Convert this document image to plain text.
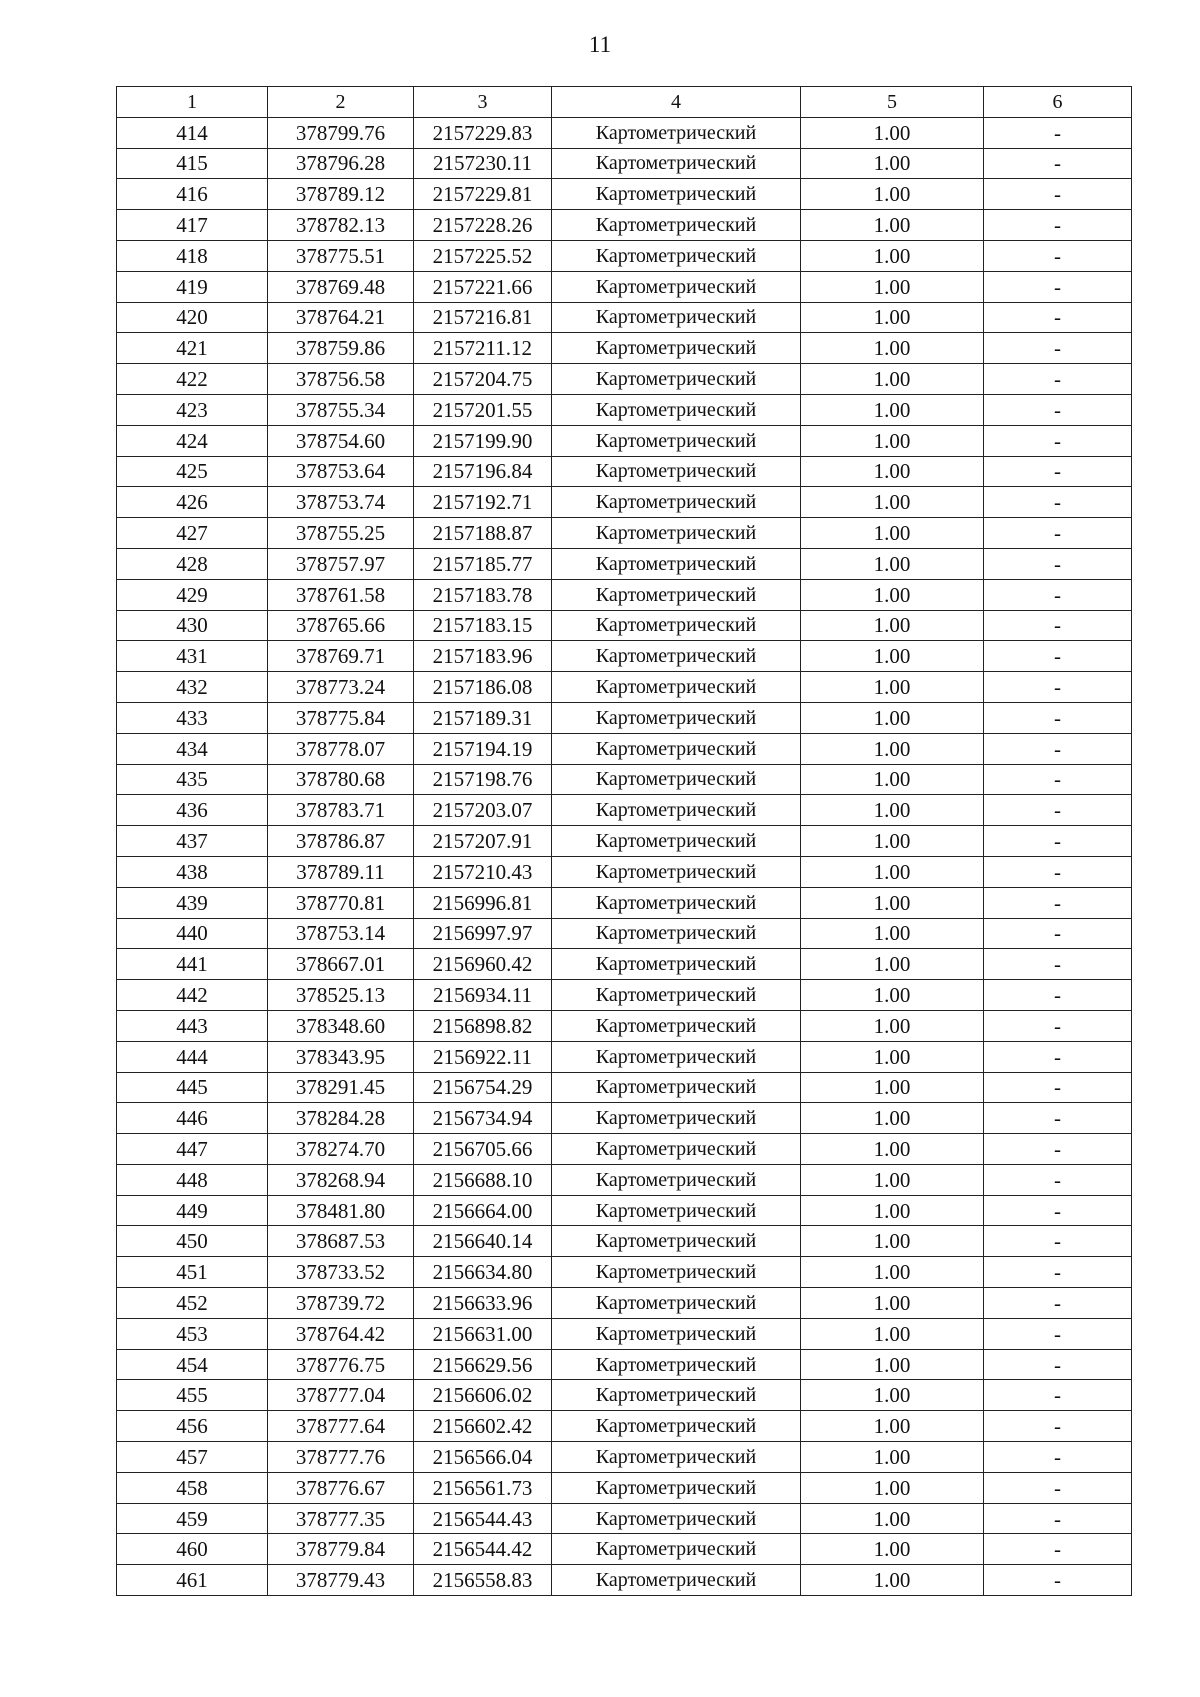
11
1	2	3	4	5	6
414	378799.76	2157229.83	Картометрический	1.00	-
415	378796.28	2157230.11	Картометрический	1.00	-
416	378789.12	2157229.81	Картометрический	1.00	-
417	378782.13	2157228.26	Картометрический	1.00	-
418	378775.51	2157225.52	Картометрический	1.00	-
419	378769.48	2157221.66	Картометрический	1.00	-
420	378764.21	2157216.81	Картометрический	1.00	-
421	378759.86	2157211.12	Картометрический	1.00	-
422	378756.58	2157204.75	Картометрический	1.00	-
423	378755.34	2157201.55	Картометрический	1.00	-
424	378754.60	2157199.90	Картометрический	1.00	-
425	378753.64	2157196.84	Картометрический	1.00	-
426	378753.74	2157192.71	Картометрический	1.00	-
427	378755.25	2157188.87	Картометрический	1.00	-
428	378757.97	2157185.77	Картометрический	1.00	-
429	378761.58	2157183.78	Картометрический	1.00	-
430	378765.66	2157183.15	Картометрический	1.00	-
431	378769.71	2157183.96	Картометрический	1.00	-
432	378773.24	2157186.08	Картометрический	1.00	-
433	378775.84	2157189.31	Картометрический	1.00	-
434	378778.07	2157194.19	Картометрический	1.00	-
435	378780.68	2157198.76	Картометрический	1.00	-
436	378783.71	2157203.07	Картометрический	1.00	-
437	378786.87	2157207.91	Картометрический	1.00	-
438	378789.11	2157210.43	Картометрический	1.00	-
439	378770.81	2156996.81	Картометрический	1.00	-
440	378753.14	2156997.97	Картометрический	1.00	-
441	378667.01	2156960.42	Картометрический	1.00	-
442	378525.13	2156934.11	Картометрический	1.00	-
443	378348.60	2156898.82	Картометрический	1.00	-
444	378343.95	2156922.11	Картометрический	1.00	-
445	378291.45	2156754.29	Картометрический	1.00	-
446	378284.28	2156734.94	Картометрический	1.00	-
447	378274.70	2156705.66	Картометрический	1.00	-
448	378268.94	2156688.10	Картометрический	1.00	-
449	378481.80	2156664.00	Картометрический	1.00	-
450	378687.53	2156640.14	Картометрический	1.00	-
451	378733.52	2156634.80	Картометрический	1.00	-
452	378739.72	2156633.96	Картометрический	1.00	-
453	378764.42	2156631.00	Картометрический	1.00	-
454	378776.75	2156629.56	Картометрический	1.00	-
455	378777.04	2156606.02	Картометрический	1.00	-
456	378777.64	2156602.42	Картометрический	1.00	-
457	378777.76	2156566.04	Картометрический	1.00	-
458	378776.67	2156561.73	Картометрический	1.00	-
459	378777.35	2156544.43	Картометрический	1.00	-
460	378779.84	2156544.42	Картометрический	1.00	-
461	378779.43	2156558.83	Картометрический	1.00	-
